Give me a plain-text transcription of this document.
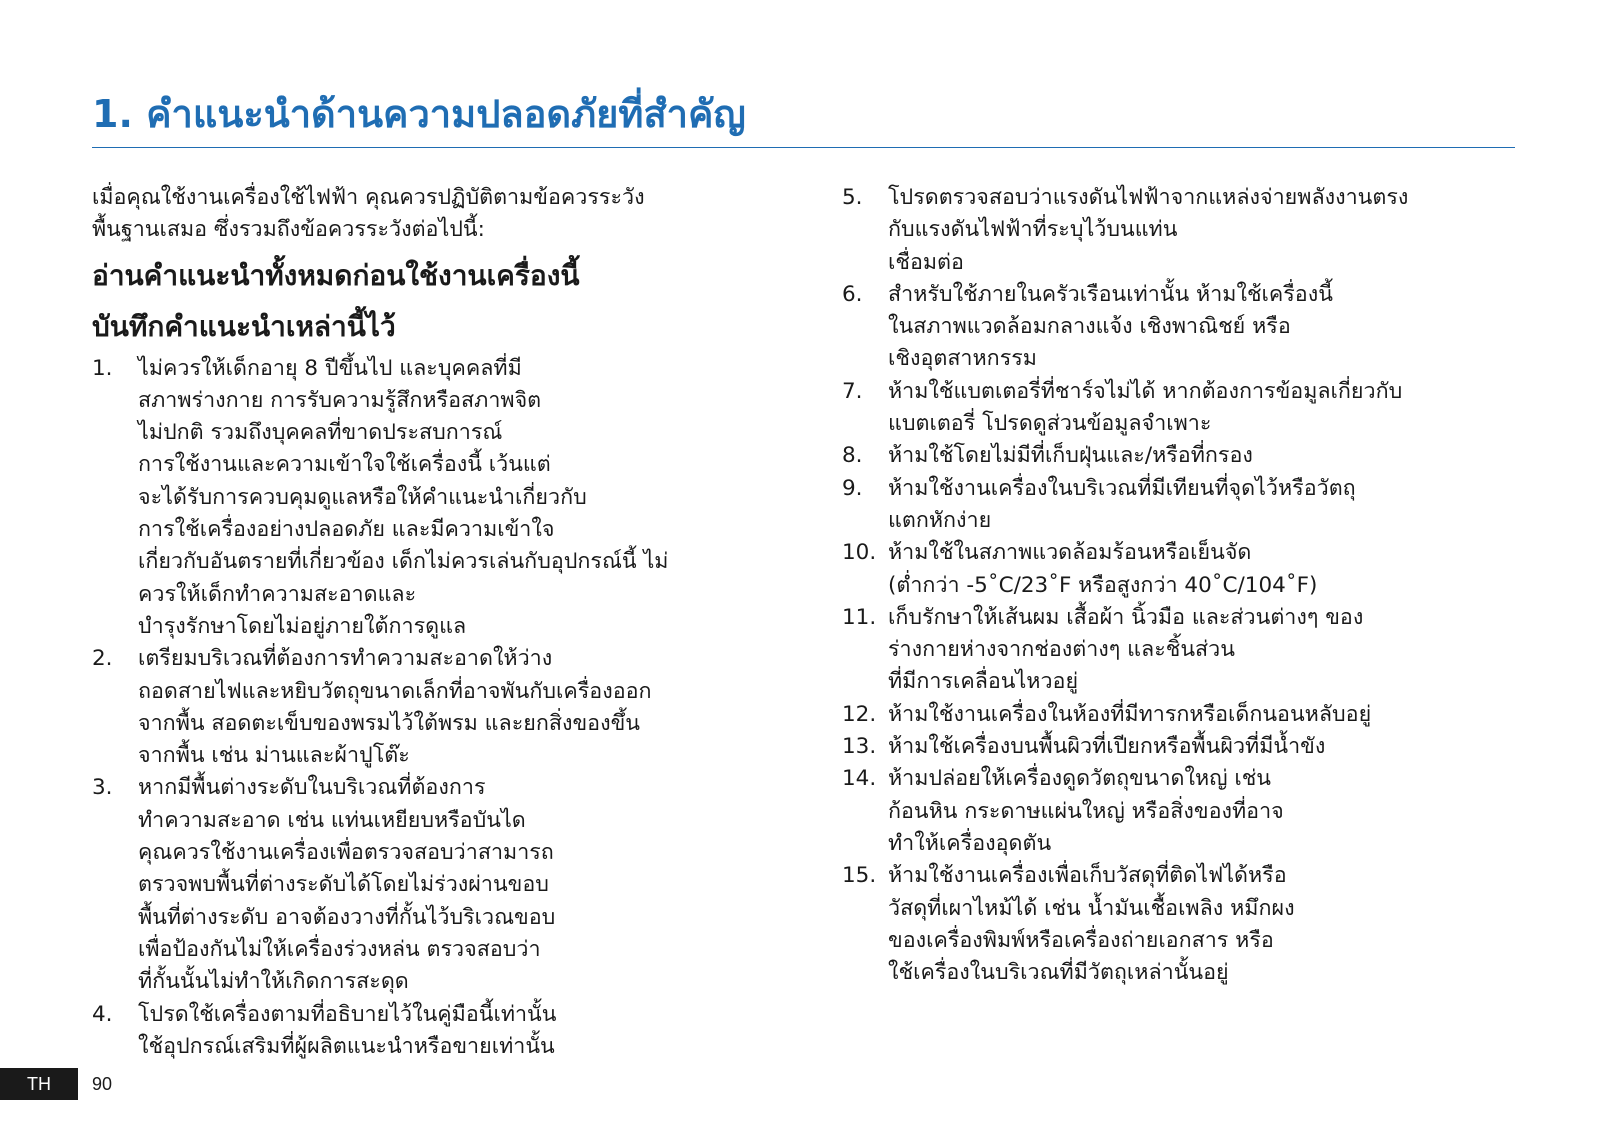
1. คำแนะนำด้านความปลอดภัยที่สำคัญ

เมื่อคุณใช้งานเครื่องใช้ไฟฟ้า คุณควรปฏิบัติตามข้อควรระวัง
พื้นฐานเสมอ ซึ่งรวมถึงข้อควรระวังต่อไปนี้:

อ่านคำแนะนำทั้งหมดก่อนใช้งานเครื่องนี้
บันทึกคำแนะนำเหล่านี้ไว้
1.	ไม่ควรให้เด็กอายุ 8 ปีขึ้นไป และบุคคลที่มี
สภาพร่างกาย การรับความรู้สึกหรือสภาพจิต
ไม่ปกติ รวมถึงบุคคลที่ขาดประสบการณ์
การใช้งานและความเข้าใจใช้เครื่องนี้ เว้นแต่
จะได้รับการควบคุมดูแลหรือให้คำแนะนำเกี่ยวกับ
การใช้เครื่องอย่างปลอดภัย และมีความเข้าใจ
เกี่ยวกับอันตรายที่เกี่ยวข้อง เด็กไม่ควรเล่นกับอุปกรณ์นี้ ไม่
ควรให้เด็กทำความสะอาดและ
บำรุงรักษาโดยไม่อยู่ภายใต้การดูแล
2.	เตรียมบริเวณที่ต้องการทำความสะอาดให้ว่าง
ถอดสายไฟและหยิบวัตถุขนาดเล็กที่อาจพันกับเครื่องออก
จากพื้น สอดตะเข็บของพรมไว้ใต้พรม และยกสิ่งของขึ้น
จากพื้น เช่น ม่านและผ้าปูโต๊ะ
3.	หากมีพื้นต่างระดับในบริเวณที่ต้องการ
ทำความสะอาด เช่น แท่นเหยียบหรือบันได
คุณควรใช้งานเครื่องเพื่อตรวจสอบว่าสามารถ
ตรวจพบพื้นที่ต่างระดับได้โดยไม่ร่วงผ่านขอบ
พื้นที่ต่างระดับ อาจต้องวางที่กั้นไว้บริเวณขอบ
เพื่อป้องกันไม่ให้เครื่องร่วงหล่น ตรวจสอบว่า
ที่กั้นนั้นไม่ทำให้เกิดการสะดุด
4.	โปรดใช้เครื่องตามที่อธิบายไว้ในคู่มือนี้เท่านั้น
ใช้อุปกรณ์เสริมที่ผู้ผลิตแนะนำหรือขายเท่านั้น
5.	โปรดตรวจสอบว่าแรงดันไฟฟ้าจากแหล่งจ่ายพลังงานตรง
กับแรงดันไฟฟ้าที่ระบุไว้บนแท่น
เชื่อมต่อ
6.	สำหรับใช้ภายในครัวเรือนเท่านั้น ห้ามใช้เครื่องนี้
ในสภาพแวดล้อมกลางแจ้ง เชิงพาณิชย์ หรือ
เชิงอุตสาหกรรม
7.	ห้ามใช้แบตเตอรี่ที่ชาร์จไม่ได้ หากต้องการข้อมูลเกี่ยวกับ
แบตเตอรี่ โปรดดูส่วนข้อมูลจำเพาะ
8.	ห้ามใช้โดยไม่มีที่เก็บฝุ่นและ/หรือที่กรอง
9.	ห้ามใช้งานเครื่องในบริเวณที่มีเทียนที่จุดไว้หรือวัตถุ
แตกหักง่าย
10. ห้ามใช้ในสภาพแวดล้อมร้อนหรือเย็นจัด
(ต่ำกว่า -5˚C/23˚F หรือสูงกว่า 40˚C/104˚F)
11. เก็บรักษาให้เส้นผม เสื้อผ้า นิ้วมือ และส่วนต่างๆ ของ
ร่างกายห่างจากช่องต่างๆ และชิ้นส่วน
ที่มีการเคลื่อนไหวอยู่
12. ห้ามใช้งานเครื่องในห้องที่มีทารกหรือเด็กนอนหลับอยู่
13. ห้ามใช้เครื่องบนพื้นผิวที่เปียกหรือพื้นผิวที่มีน้ำขัง
14. ห้ามปล่อยให้เครื่องดูดวัตถุขนาดใหญ่ เช่น
ก้อนหิน กระดาษแผ่นใหญ่ หรือสิ่งของที่อาจ
ทำให้เครื่องอุดตัน
15. ห้ามใช้งานเครื่องเพื่อเก็บวัสดุที่ติดไฟได้หรือ
วัสดุที่เผาไหม้ได้ เช่น น้ำมันเชื้อเพลิง หมึกผง
ของเครื่องพิมพ์หรือเครื่องถ่ายเอกสาร หรือ
ใช้เครื่องในบริเวณที่มีวัตถุเหล่านั้นอยู่
TH	90
